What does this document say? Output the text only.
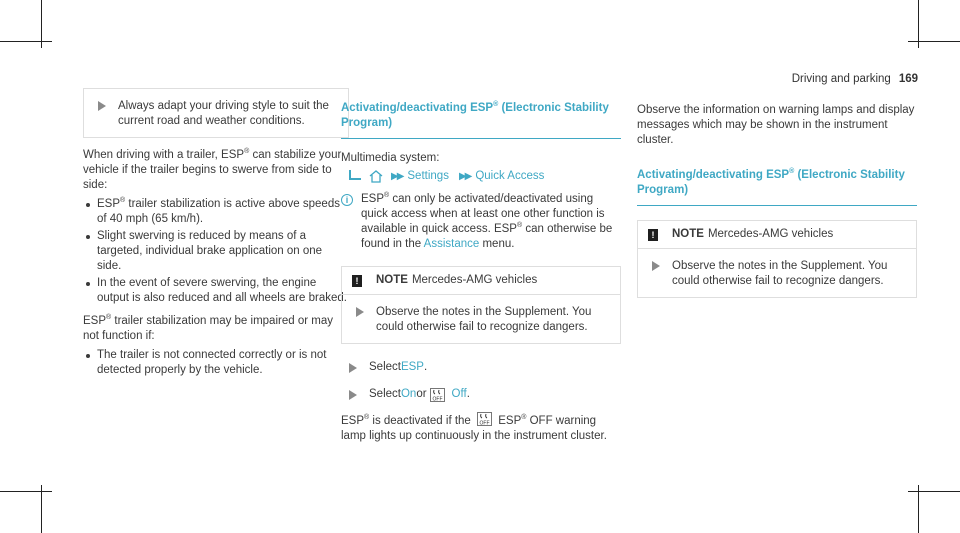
Driving and parking 169
Always adapt your driving style to suit the current road and weather conditions.

When driving with a trailer, ESP® can stabilize your vehicle if the trailer begins to swerve from side to side:

ESP® trailer stabilization is active above speeds of 40 mph (65 km/h).
Slight swerving is reduced by means of a targeted, individual brake application on one side.
In the event of severe swerving, the engine output is also reduced and all wheels are braked.

ESP® trailer stabilization may be impaired or may not function if:

The trailer is not connected correctly or is not detected properly by the vehicle.
Activating/deactivating ESP® (Electronic Stability Program)

Multimedia system:

▶▶ Settings ▶▶ Quick Access
i	ESP® can only be activated/deactivated using quick access when at least one other function is available in quick access. ESP® can otherwise be found in the Assistance menu.

!	NOTE Mercedes-AMG vehicles
Observe the notes in the Supplement. You could otherwise fail to recognize dangers.
Select ESP .
Select On or OFF Off .

ESP® is deactivated if the OFF ESP® OFF warning lamp lights up continuously in the instrument cluster.

Observe the information on warning lamps and display messages which may be shown in the instrument cluster.

Activating/deactivating ESP® (Electronic Stability Program)
!	NOTE Mercedes-AMG vehicles
Observe the notes in the Supplement. You could otherwise fail to recognize dangers.
